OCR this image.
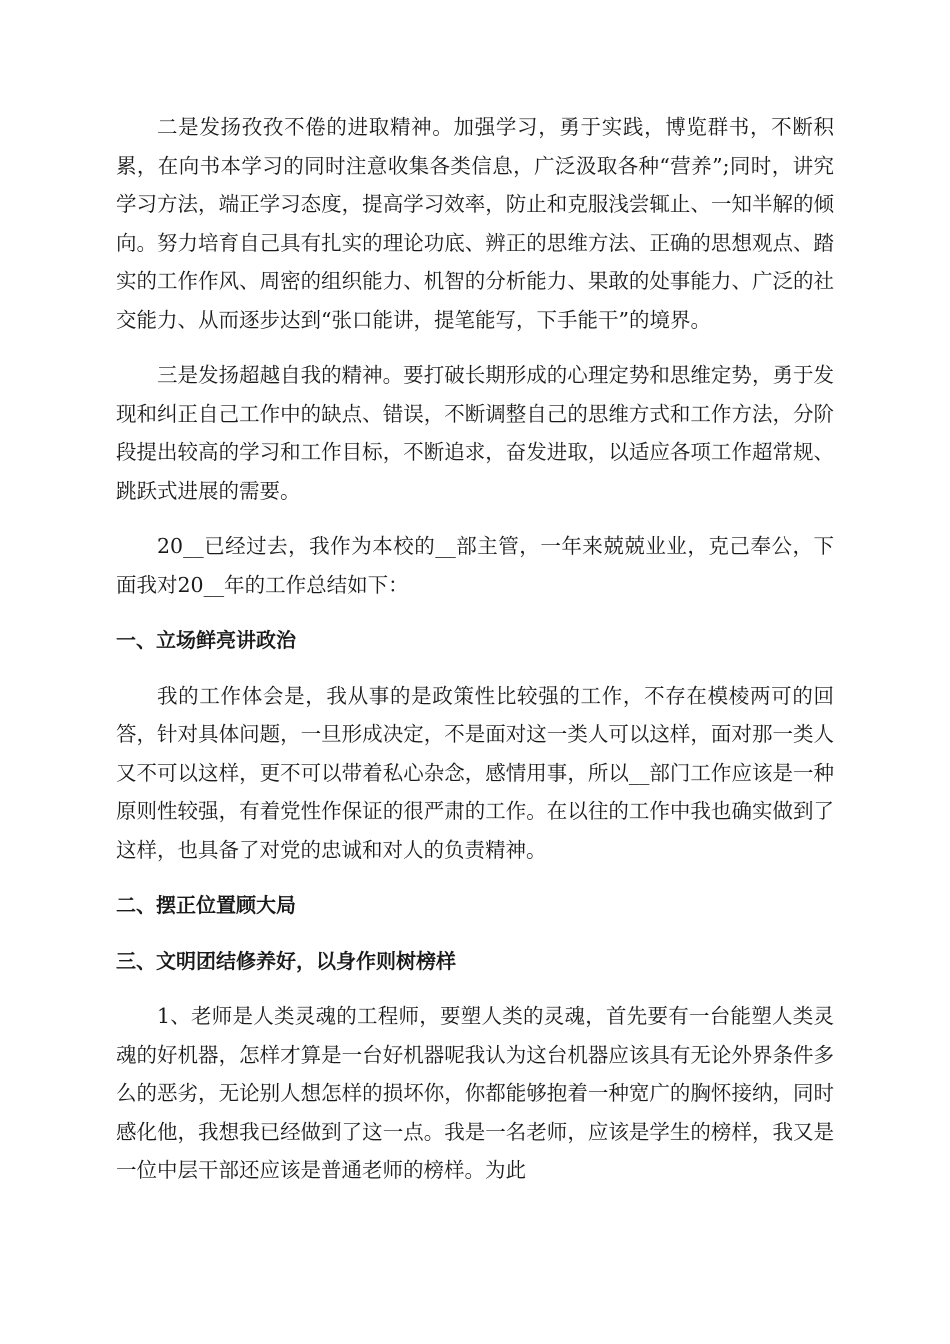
二是发扬孜孜不倦的进取精神。加强学习，勇于实践，博览群书，不断积累，在向书本学习的同时注意收集各类信息，广泛汲取各种“营养”;同时，讲究学习方法，端正学习态度，提高学习效率，防止和克服浅尝辄止、一知半解的倾向。努力培育自己具有扎实的理论功底、辨正的思维方法、正确的思想观点、踏实的工作作风、周密的组织能力、机智的分析能力、果敢的处事能力、广泛的社交能力、从而逐步达到“张口能讲，提笔能写，下手能干”的境界。

三是发扬超越自我的精神。要打破长期形成的心理定势和思维定势，勇于发现和纠正自己工作中的缺点、错误，不断调整自己的思维方式和工作方法，分阶段提出较高的学习和工作目标，不断追求，奋发进取，以适应各项工作超常规、跳跃式进展的需要。

20__已经过去，我作为本校的__部主管，一年来兢兢业业，克己奉公，下面我对20__年的工作总结如下：

一、立场鲜亮讲政治

我的工作体会是，我从事的是政策性比较强的工作，不存在模棱两可的回答，针对具体问题，一旦形成决定，不是面对这一类人可以这样，面对那一类人又不可以这样，更不可以带着私心杂念，感情用事，所以__部门工作应该是一种原则性较强，有着党性作保证的很严肃的工作。在以往的工作中我也确实做到了这样，也具备了对党的忠诚和对人的负责精神。

二、摆正位置顾大局
三、文明团结修养好，以身作则树榜样

1、老师是人类灵魂的工程师，要塑人类的灵魂，首先要有一台能塑人类灵魂的好机器，怎样才算是一台好机器呢我认为这台机器应该具有无论外界条件多么的恶劣，无论别人想怎样的损坏你，你都能够抱着一种宽广的胸怀接纳，同时感化他，我想我已经做到了这一点。我是一名老师，应该是学生的榜样，我又是一位中层干部还应该是普通老师的榜样。为此
